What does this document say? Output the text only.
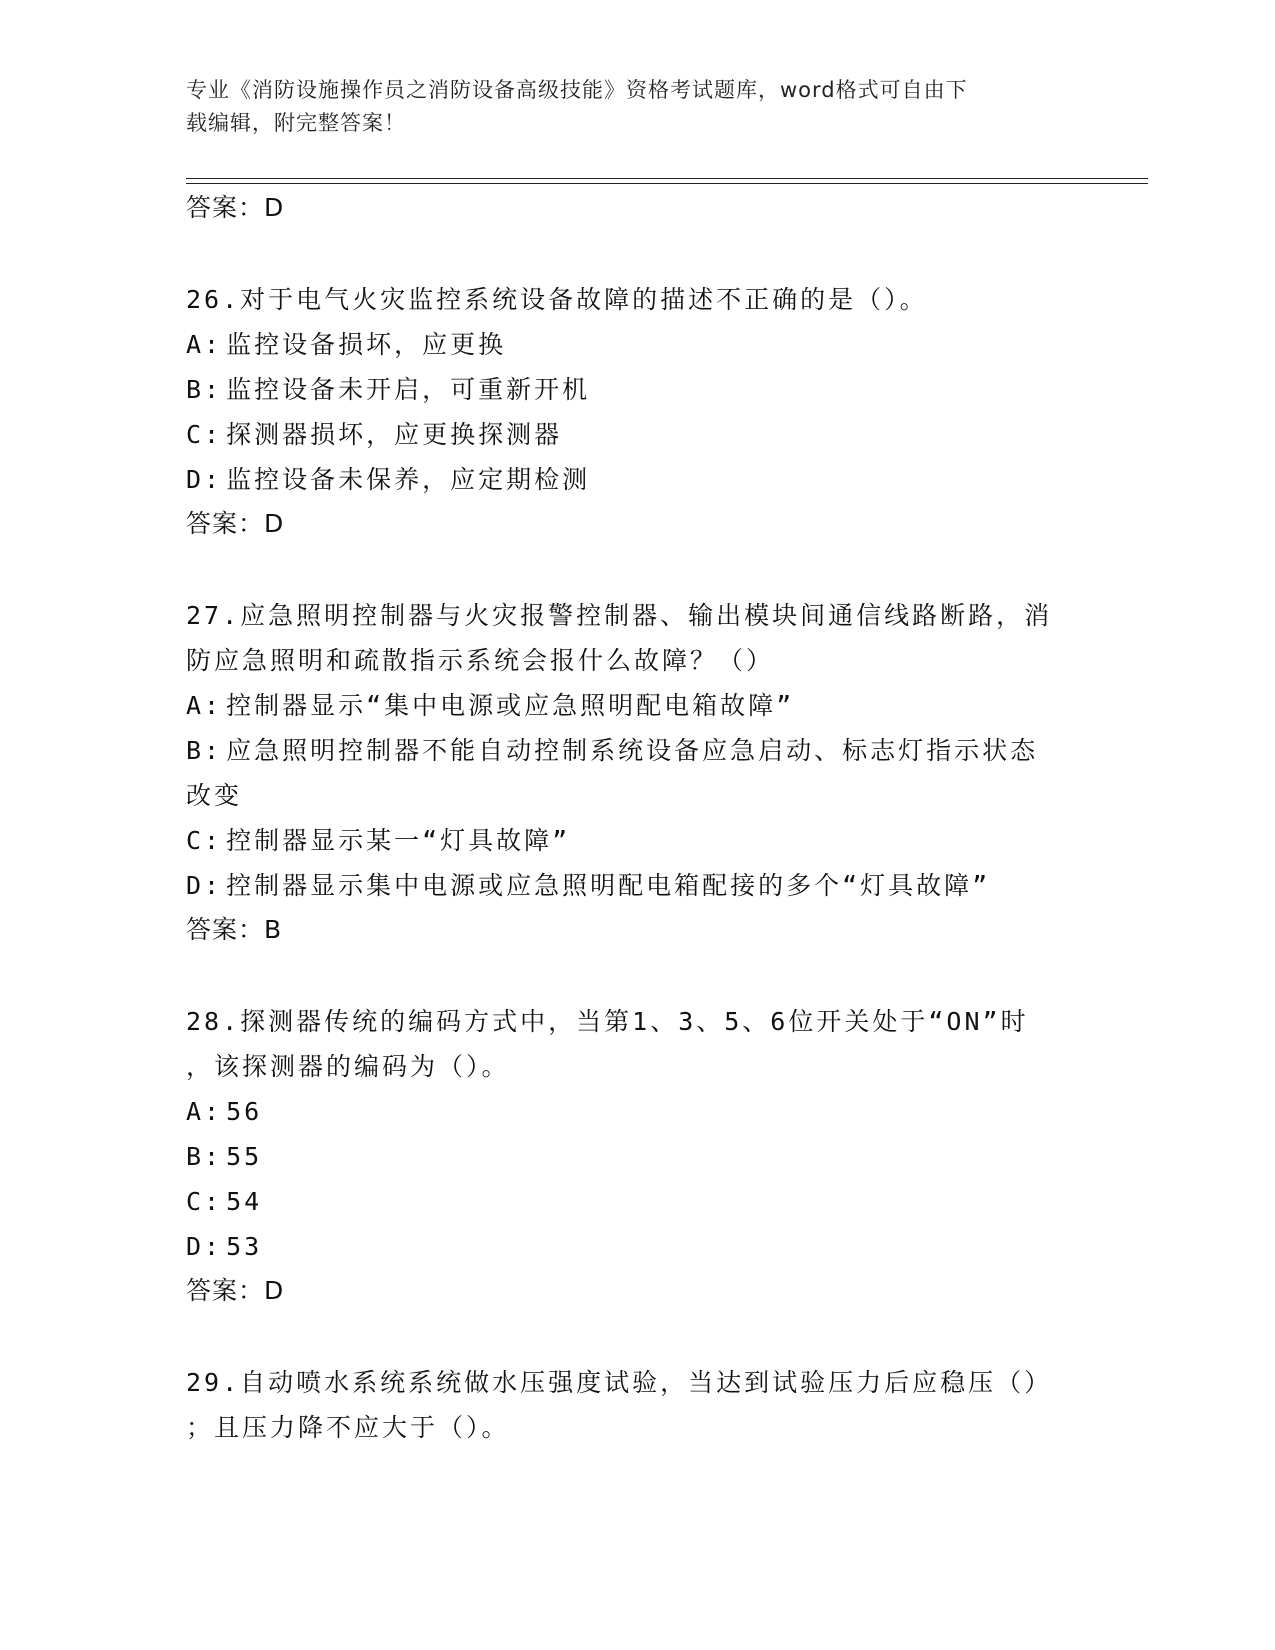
专业《消防设施操作员之消防设备高级技能》资格考试题库，word格式可自由下
载编辑，附完整答案！
答案：D
26.对于电气火灾监控系统设备故障的描述不正确的是（）。
A: 监控设备损坏，应更换
B: 监控设备未开启，可重新开机
C: 探测器损坏，应更换探测器
D: 监控设备未保养，应定期检测
答案：D
27.应急照明控制器与火灾报警控制器、输出模块间通信线路断路，消
防应急照明和疏散指示系统会报什么故障？（）
A: 控制器显示“集中电源或应急照明配电箱故障”
B: 应急照明控制器不能自动控制系统设备应急启动、标志灯指示状态
改变
C: 控制器显示某一“灯具故障”
D: 控制器显示集中电源或应急照明配电箱配接的多个“灯具故障”
答案：B
28.探测器传统的编码方式中，当第1、3、5、6位开关处于“ON”时
，该探测器的编码为（）。
A: 56
B: 55
C: 54
D: 53
答案：D
29.自动喷水系统系统做水压强度试验，当达到试验压力后应稳压（）
；且压力降不应大于（）。
